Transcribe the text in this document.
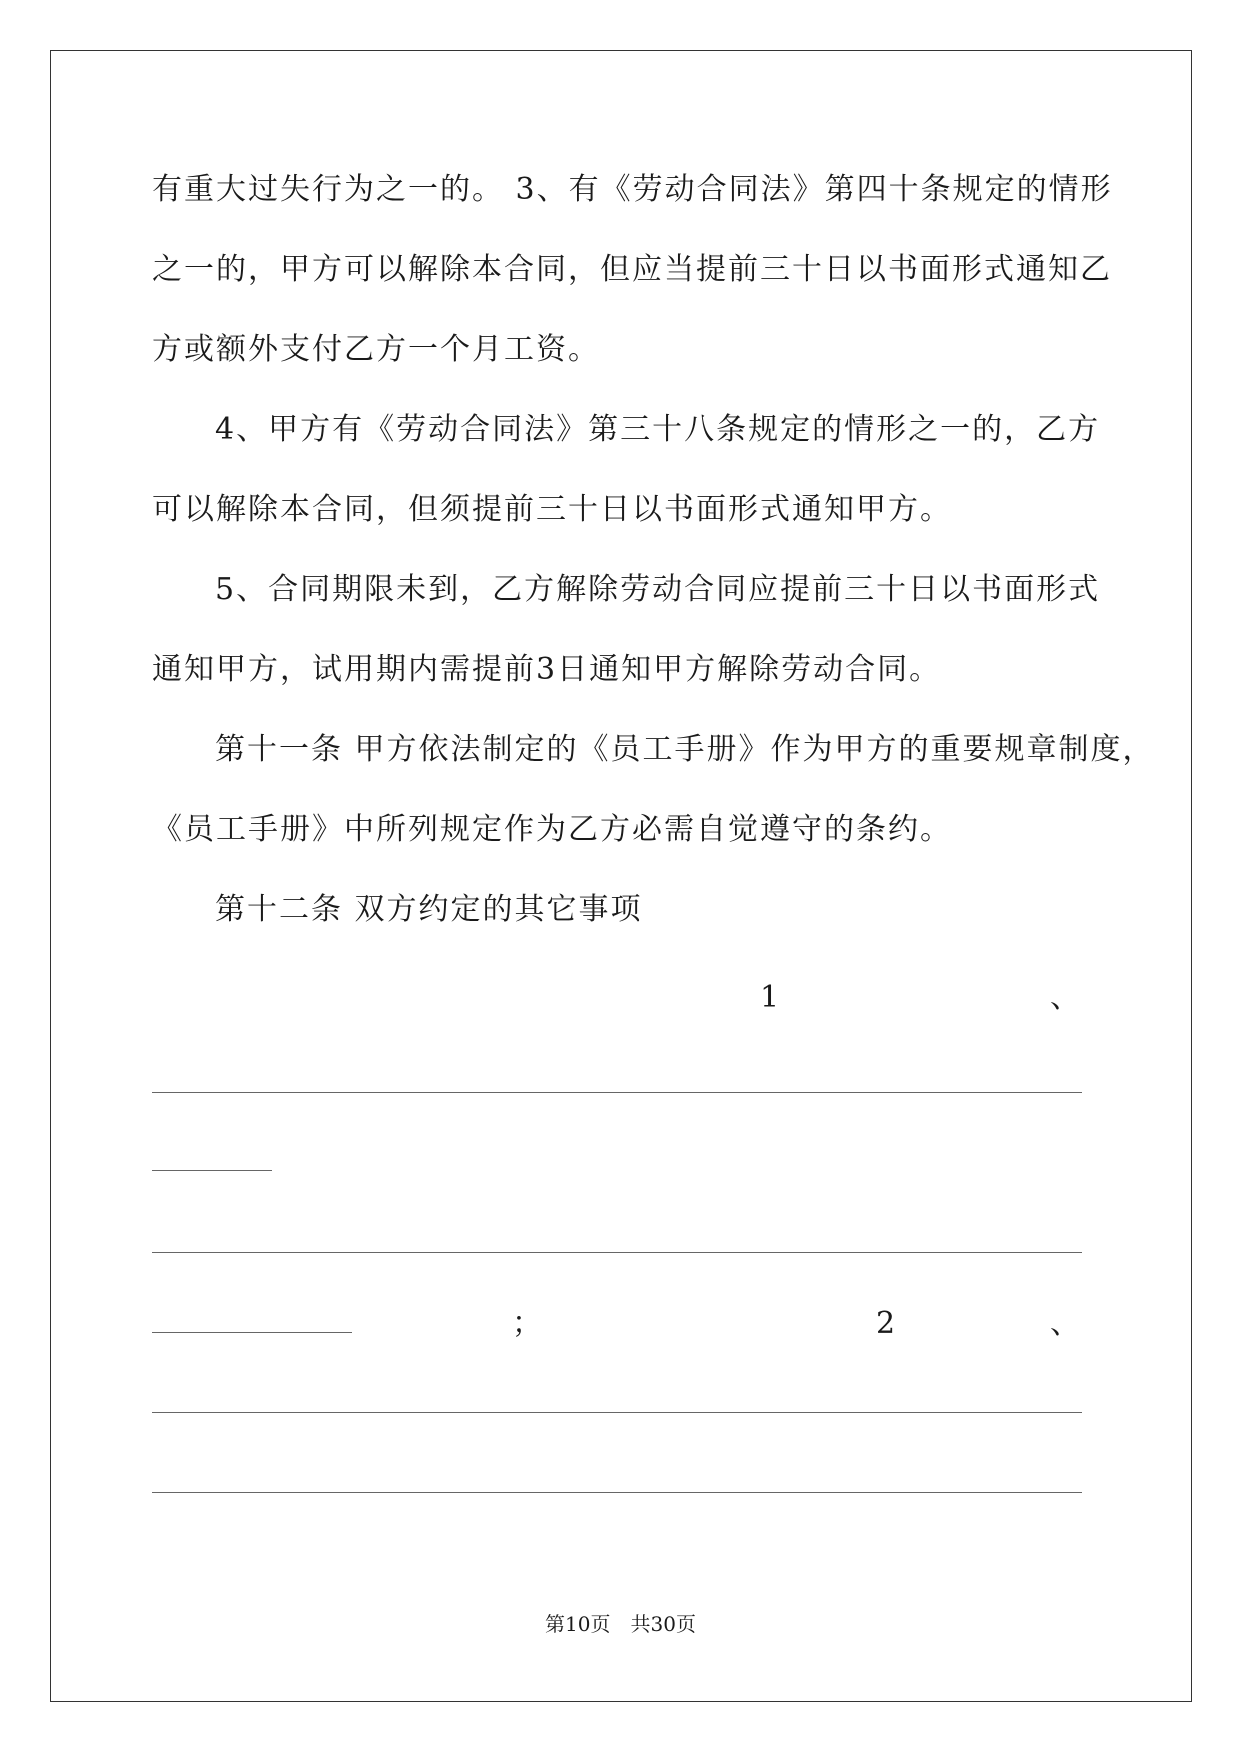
有重大过失行为之一的。 3、有《劳动合同法》第四十条规定的情形
之一的，甲方可以解除本合同，但应当提前三十日以书面形式通知乙
方或额外支付乙方一个月工资。
4、甲方有《劳动合同法》第三十八条规定的情形之一的，乙方
可以解除本合同，但须提前三十日以书面形式通知甲方。
5、合同期限未到，乙方解除劳动合同应提前三十日以书面形式
通知甲方，试用期内需提前3日通知甲方解除劳动合同。
第十一条 甲方依法制定的《员工手册》作为甲方的重要规章制度，
《员工手册》中所列规定作为乙方必需自觉遵守的条约。
第十二条 双方约定的其它事项
1	、
；	2	、
第10页　共30页
